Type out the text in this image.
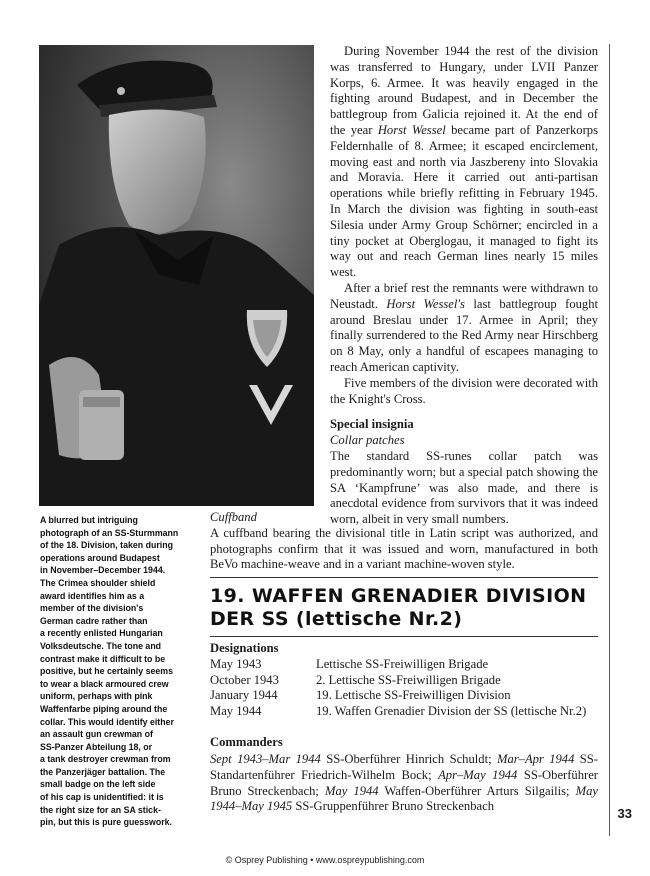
A blurred but intriguing
photograph of an SS-Sturmmann
of the 18. Division, taken during
operations around Budapest
in November–December 1944.
The Crimea shoulder shield
award identifies him as a
member of the division's
German cadre rather than
a recently enlisted Hungarian
Volksdeutsche. The tone and
contrast make it difficult to be
positive, but he certainly seems
to wear a black armoured crew
uniform, perhaps with pink
Waffenfarbe piping around the
collar. This would identify either
an assault gun crewman of
SS-Panzer Abteilung 18, or
a tank destroyer crewman from
the Panzerjäger battalion. The
small badge on the left side
of his cap is unidentified: it is
the right size for an SA stick-
pin, but this is pure guesswork.

During November 1944 the rest of the division was transferred to Hungary, under LVII Panzer Korps, 6. Armee. It was heavily engaged in the fighting around Budapest, and in December the battlegroup from Galicia rejoined it. At the end of the year Horst Wessel became part of Panzerkorps Feldernhalle of 8. Armee; it escaped encirclement, moving east and north via Jaszbereny into Slovakia and Moravia. Here it carried out anti-partisan operations while briefly refitting in February 1945. In March the division was fighting in south-east Silesia under Army Group Schörner; encircled in a tiny pocket at Oberglogau, it managed to fight its way out and reach German lines nearly 15 miles west.

After a brief rest the remnants were withdrawn to Neustadt. Horst Wessel's last battlegroup fought around Breslau under 17. Armee in April; they finally surrendered to the Red Army near Hirschberg on 8 May, only a handful of escapees managing to reach American captivity.

Five members of the division were decorated with the Knight's Cross.

Special insignia
Collar patches

The standard SS-runes collar patch was predominantly worn; but a special patch showing the SA ‘Kampfrune’ was also made, and there is anecdotal evidence from survivors that it was indeed worn, albeit in very small numbers.

Cuffband

A cuffband bearing the divisional title in Latin script was authorized, and photographs confirm that it was issued and worn, manufactured in both BeVo machine-weave and in a variant machine-woven style.

19. WAFFEN GRENADIER DIVISION
DER SS (lettische Nr.2)
Designations
May 1943	Lettische SS-Freiwilligen Brigade
October 1943	2. Lettische SS-Freiwilligen Brigade
January 1944	19. Lettische SS-Freiwilligen Division
May 1944	19. Waffen Grenadier Division der SS (lettische Nr.2)
Commanders
Sept 1943–Mar 1944 SS-Oberführer Hinrich Schuldt; Mar–Apr 1944 SS-Standartenführer Friedrich-Wilhelm Bock; Apr–May 1944 SS-Oberführer Bruno Streckenbach; May 1944 Waffen-Oberführer Arturs Silgailis; May 1944–May 1945 SS-Gruppenführer Bruno Streckenbach	33
© Osprey Publishing • www.ospreypublishing.com
